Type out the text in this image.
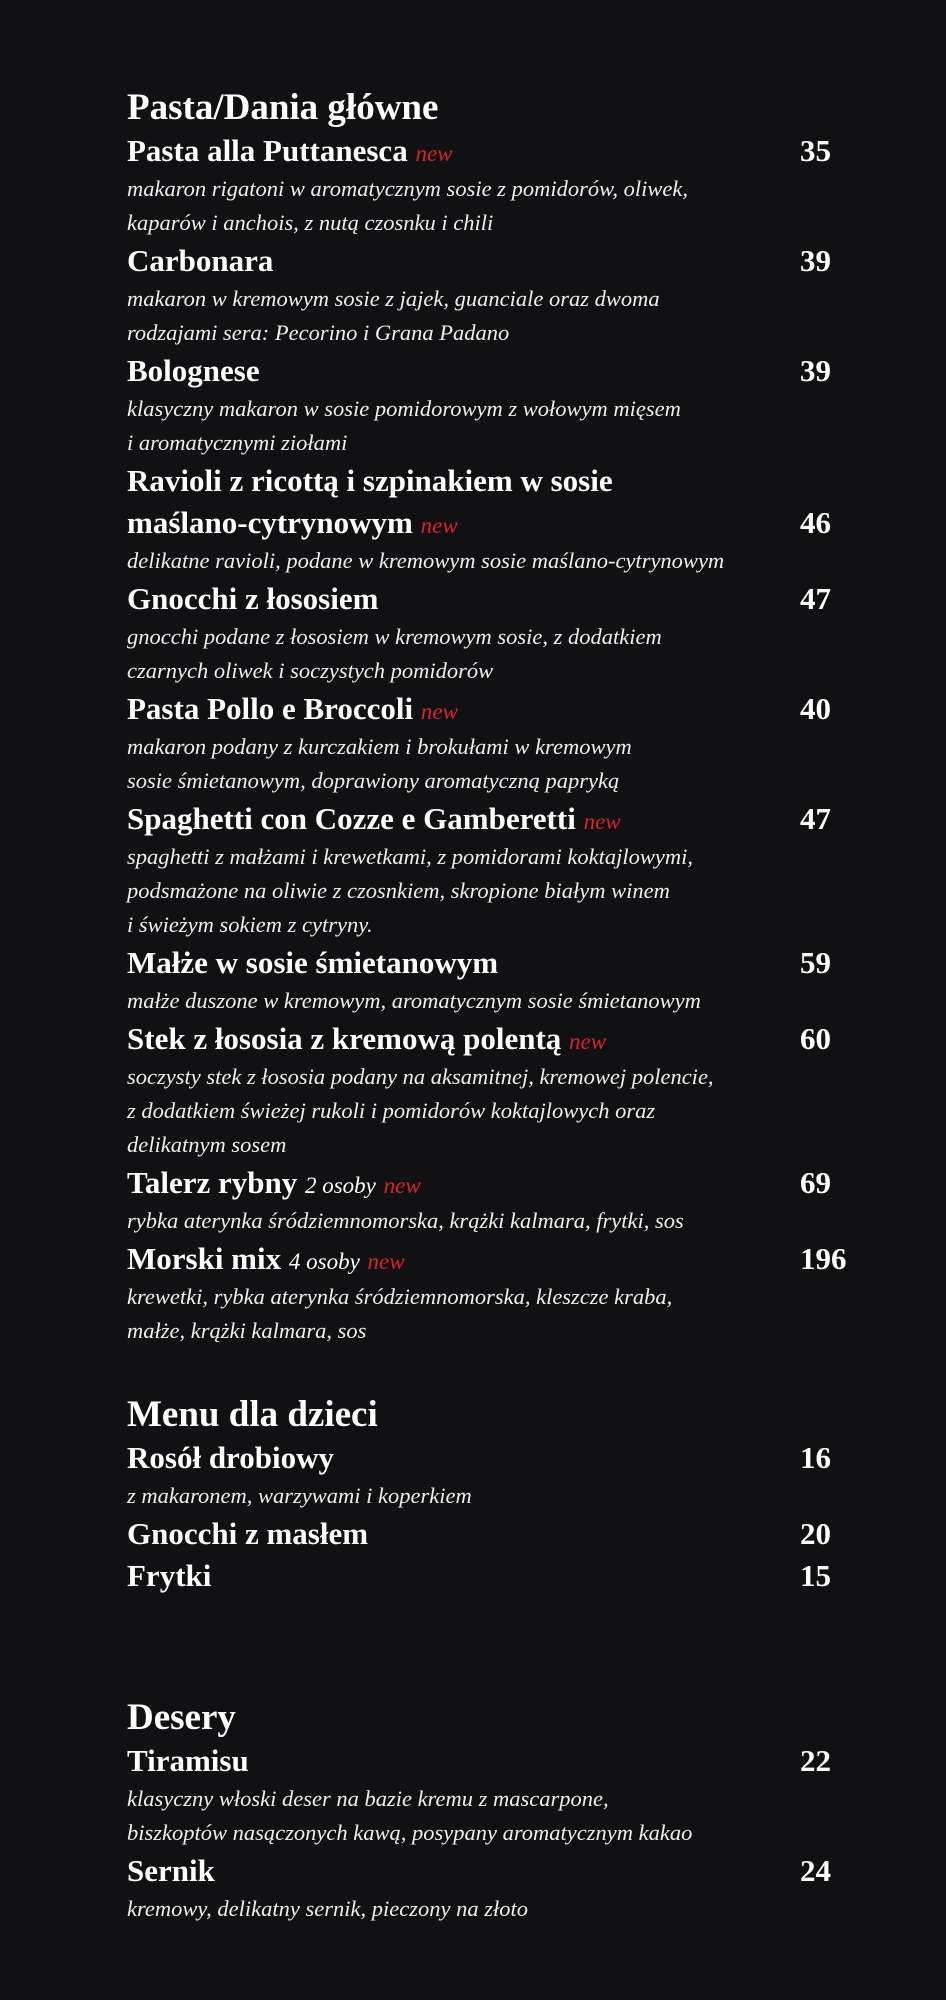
Pasta/Dania główne
Pasta alla Puttanesca new	35
makaron rigatoni w aromatycznym sosie z pomidorów, oliwek,
kaparów i anchois, z nutą czosnku i chili
Carbonara	39
makaron w kremowym sosie z jajek, guanciale oraz dwoma
rodzajami sera: Pecorino i Grana Padano
Bolognese	39
klasyczny makaron w sosie pomidorowym z wołowym mięsem
i aromatycznymi ziołami
Ravioli z ricottą i szpinakiem w sosie
maślano-cytrynowym new	46
delikatne ravioli, podane w kremowym sosie maślano-cytrynowym
Gnocchi z łososiem	47
gnocchi podane z łososiem w kremowym sosie, z dodatkiem
czarnych oliwek i soczystych pomidorów
Pasta Pollo e Broccoli new	40
makaron podany z kurczakiem i brokułami w kremowym
sosie śmietanowym, doprawiony aromatyczną papryką
Spaghetti con Cozze e Gamberetti new	47
spaghetti z małżami i krewetkami, z pomidorami koktajlowymi,
podsmażone na oliwie z czosnkiem, skropione białym winem
i świeżym sokiem z cytryny.
Małże w sosie śmietanowym	59
małże duszone w kremowym, aromatycznym sosie śmietanowym
Stek z łososia z kremową polentą new	60
soczysty stek z łososia podany na aksamitnej, kremowej polencie,
z dodatkiem świeżej rukoli i pomidorów koktajlowych oraz
delikatnym sosem
Talerz rybny 2 osoby new	69
rybka aterynka śródziemnomorska, krążki kalmara, frytki, sos
Morski mix 4 osoby new	196
krewetki, rybka aterynka śródziemnomorska, kleszcze kraba,
małże, krążki kalmara, sos
Menu dla dzieci
Rosół drobiowy	16
z makaronem, warzywami i koperkiem
Gnocchi z masłem	20
Frytki	15
Desery
Tiramisu	22
klasyczny włoski deser na bazie kremu z mascarpone,
biszkoptów nasączonych kawą, posypany aromatycznym kakao
Sernik	24
kremowy, delikatny sernik, pieczony na złoto
